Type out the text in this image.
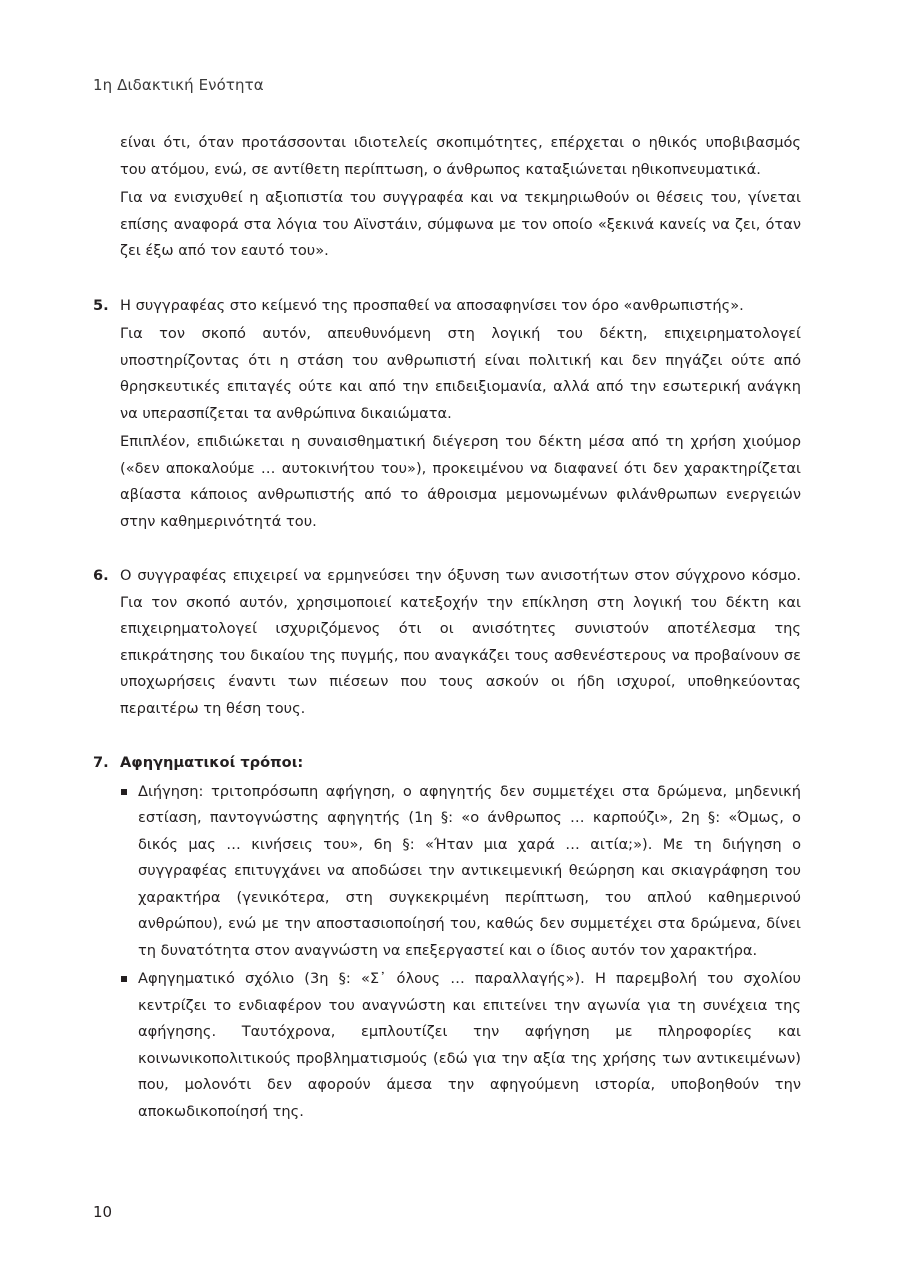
1η Διδακτική Ενότητα

είναι ότι, όταν προτάσσονται ιδιοτελείς σκοπιμότητες, επέρχεται ο ηθικός υποβιβασμός του ατόμου, ενώ, σε αντίθετη περίπτωση, ο άνθρωπος καταξιώνεται ηθικοπνευματικά.

Για να ενισχυθεί η αξιοπιστία του συγγραφέα και να τεκμηριωθούν οι θέσεις του, γίνεται επίσης αναφορά στα λόγια του Αϊνστάιν, σύμφωνα με τον οποίο «ξεκινά κανείς να ζει, όταν ζει έξω από τον εαυτό του».

5. Η συγγραφέας στο κείμενό της προσπαθεί να αποσαφηνίσει τον όρο «ανθρωπιστής».

Για τον σκοπό αυτόν, απευθυνόμενη στη λογική του δέκτη, επιχειρηματολογεί υποστηρίζοντας ότι η στάση του ανθρωπιστή είναι πολιτική και δεν πηγάζει ούτε από θρησκευτικές επιταγές ούτε και από την επιδειξιομανία, αλλά από την εσωτερική ανάγκη να υπερασπίζεται τα ανθρώπινα δικαιώματα.

Επιπλέον, επιδιώκεται η συναισθηματική διέγερση του δέκτη μέσα από τη χρήση χιούμορ («δεν αποκαλούμε … αυτοκινήτου του»), προκειμένου να διαφανεί ότι δεν χαρακτηρίζεται αβίαστα κάποιος ανθρωπιστής από το άθροισμα μεμονωμένων φιλάνθρωπων ενεργειών στην καθημερινότητά του.

6. Ο συγγραφέας επιχειρεί να ερμηνεύσει την όξυνση των ανισοτήτων στον σύγχρονο κόσμο. Για τον σκοπό αυτόν, χρησιμοποιεί κατεξοχήν την επίκληση στη λογική του δέκτη και επιχειρηματολογεί ισχυριζόμενος ότι οι ανισότητες συνιστούν αποτέλεσμα της επικράτησης του δικαίου της πυγμής, που αναγκάζει τους ασθενέστερους να προβαίνουν σε υποχωρήσεις έναντι των πιέσεων που τους ασκούν οι ήδη ισχυροί, υποθηκεύοντας περαιτέρω τη θέση τους.

7. Αφηγηματικοί τρόποι:

Διήγηση: τριτοπρόσωπη αφήγηση, ο αφηγητής δεν συμμετέχει στα δρώμενα, μηδενική εστίαση, παντογνώστης αφηγητής (1η §: «ο άνθρωπος … καρπούζι», 2η §: «Όμως, ο δικός μας … κινήσεις του», 6η §: «Ήταν μια χαρά … αιτία;»). Με τη διήγηση ο συγγραφέας επιτυγχάνει να αποδώσει την αντικειμενική θεώρηση και σκιαγράφηση του χαρακτήρα (γενικότερα, στη συγκεκριμένη περίπτωση, του απλού καθημερινού ανθρώπου), ενώ με την αποστασιοποίησή του, καθώς δεν συμμετέχει στα δρώμενα, δίνει τη δυνατότητα στον αναγνώστη να επεξεργαστεί και ο ίδιος αυτόν τον χαρακτήρα.
Αφηγηματικό σχόλιο (3η §: «Σ᾽ όλους … παραλλαγής»). Η παρεμβολή του σχολίου κεντρίζει το ενδιαφέρον του αναγνώστη και επιτείνει την αγωνία για τη συνέχεια της αφήγησης. Ταυτόχρονα, εμπλουτίζει την αφήγηση με πληροφορίες και κοινωνικοπολιτικούς προβληματισμούς (εδώ για την αξία της χρήσης των αντικειμένων) που, μολονότι δεν αφορούν άμεσα την αφηγούμενη ιστορία, υποβοηθούν την αποκωδικοποίησή της.
10
